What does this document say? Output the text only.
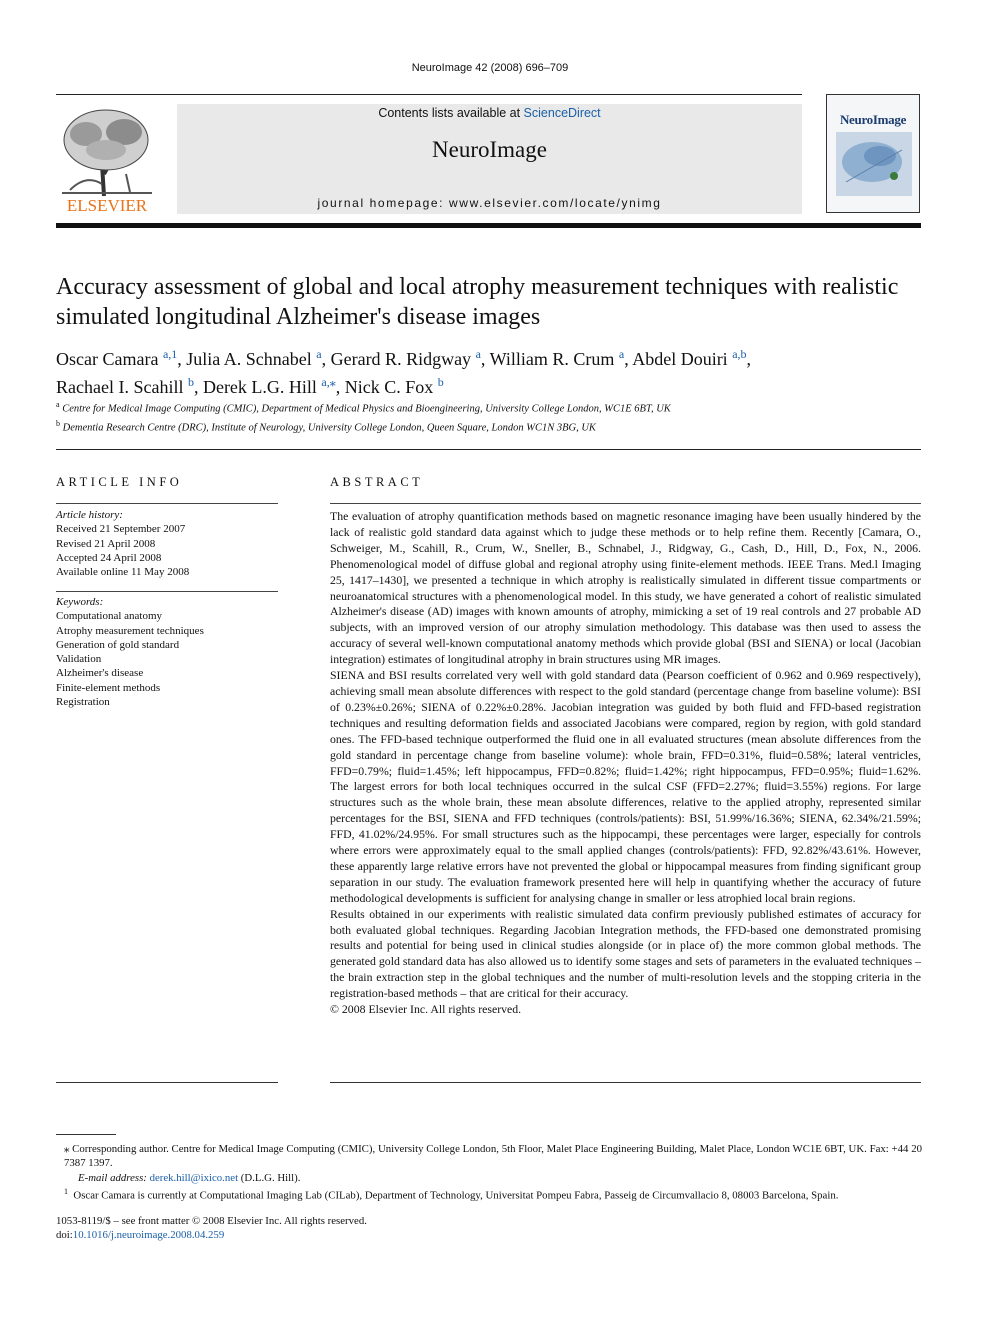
NeuroImage 42 (2008) 696–709
ELSEVIER
Contents lists available at ScienceDirect
NeuroImage
journal homepage: www.elsevier.com/locate/ynimg
NeuroImage
Accuracy assessment of global and local atrophy measurement techniques with realistic simulated longitudinal Alzheimer's disease images
Oscar Camara $^{a,1}$, Julia A. Schnabel $^a$, Gerard R. Ridgway $^a$, William R. Crum $^a$, Abdel Douiri $^{a,b}$,
Rachael I. Scahill $^b$, Derek L.G. Hill $^{a,⁎}$, Nick C. Fox $^b$
$^a$ Centre for Medical Image Computing (CMIC), Department of Medical Physics and Bioengineering, University College London, WC1E 6BT, UK
$^b$ Dementia Research Centre (DRC), Institute of Neurology, University College London, Queen Square, London WC1N 3BG, UK
ARTICLE INFO	ABSTRACT
Article history:
Received 21 September 2007
Revised 21 April 2008
Accepted 24 April 2008
Available online 11 May 2008
Keywords:
Computational anatomy
Atrophy measurement techniques
Generation of gold standard
Validation
Alzheimer's disease
Finite-element methods
Registration

The evaluation of atrophy quantification methods based on magnetic resonance imaging have been usually hindered by the lack of realistic gold standard data against which to judge these methods or to help refine them. Recently [Camara, O., Schweiger, M., Scahill, R., Crum, W., Sneller, B., Schnabel, J., Ridgway, G., Cash, D., Hill, D., Fox, N., 2006. Phenomenological model of diffuse global and regional atrophy using finite-element methods. IEEE Trans. Med.l Imaging 25, 1417–1430], we presented a technique in which atrophy is realistically simulated in different tissue compartments or neuroanatomical structures with a phenomenological model. In this study, we have generated a cohort of realistic simulated Alzheimer's disease (AD) images with known amounts of atrophy, mimicking a set of 19 real controls and 27 probable AD subjects, with an improved version of our atrophy simulation methodology. This database was then used to assess the accuracy of several well-known computational anatomy methods which provide global (BSI and SIENA) or local (Jacobian integration) estimates of longitudinal atrophy in brain structures using MR images.

SIENA and BSI results correlated very well with gold standard data (Pearson coefficient of 0.962 and 0.969 respectively), achieving small mean absolute differences with respect to the gold standard (percentage change from baseline volume): BSI of 0.23%±0.26%; SIENA of 0.22%±0.28%. Jacobian integration was guided by both fluid and FFD-based registration techniques and resulting deformation fields and associated Jacobians were compared, region by region, with gold standard ones. The FFD-based technique outperformed the fluid one in all evaluated structures (mean absolute differences from the gold standard in percentage change from baseline volume): whole brain, FFD=0.31%, fluid=0.58%; lateral ventricles, FFD=0.79%; fluid=1.45%; left hippocampus, FFD=0.82%; fluid=1.42%; right hippocampus, FFD=0.95%; fluid=1.62%. The largest errors for both local techniques occurred in the sulcal CSF (FFD=2.27%; fluid=3.55%) regions. For large structures such as the whole brain, these mean absolute differences, relative to the applied atrophy, represented similar percentages for the BSI, SIENA and FFD techniques (controls/patients): BSI, 51.99%/16.36%; SIENA, 62.34%/21.59%; FFD, 41.02%/24.95%. For small structures such as the hippocampi, these percentages were larger, especially for controls where errors were approximately equal to the small applied changes (controls/patients): FFD, 92.82%/43.61%. However, these apparently large relative errors have not prevented the global or hippocampal measures from finding significant group separation in our study. The evaluation framework presented here will help in quantifying whether the accuracy of future methodological developments is sufficient for analysing change in smaller or less atrophied local brain regions.

Results obtained in our experiments with realistic simulated data confirm previously published estimates of accuracy for both evaluated global techniques. Regarding Jacobian Integration methods, the FFD-based one demonstrated promising results and potential for being used in clinical studies alongside (or in place of) the more common global methods. The generated gold standard data has also allowed us to identify some stages and sets of parameters in the evaluated techniques – the brain extraction step in the global techniques and the number of multi-resolution levels and the stopping criteria in the registration-based methods – that are critical for their accuracy.

© 2008 Elsevier Inc. All rights reserved.

⁎ Corresponding author. Centre for Medical Image Computing (CMIC), University College London, 5th Floor, Malet Place Engineering Building, Malet Place, London WC1E 6BT, UK. Fax: +44 20 7387 1397.

E-mail address: derek.hill@ixico.net (D.L.G. Hill).

$^1$ Oscar Camara is currently at Computational Imaging Lab (CILab), Department of Technology, Universitat Pompeu Fabra, Passeig de Circumvallacio 8, 08003 Barcelona, Spain.

1053-8119/$ – see front matter © 2008 Elsevier Inc. All rights reserved.
doi:10.1016/j.neuroimage.2008.04.259
